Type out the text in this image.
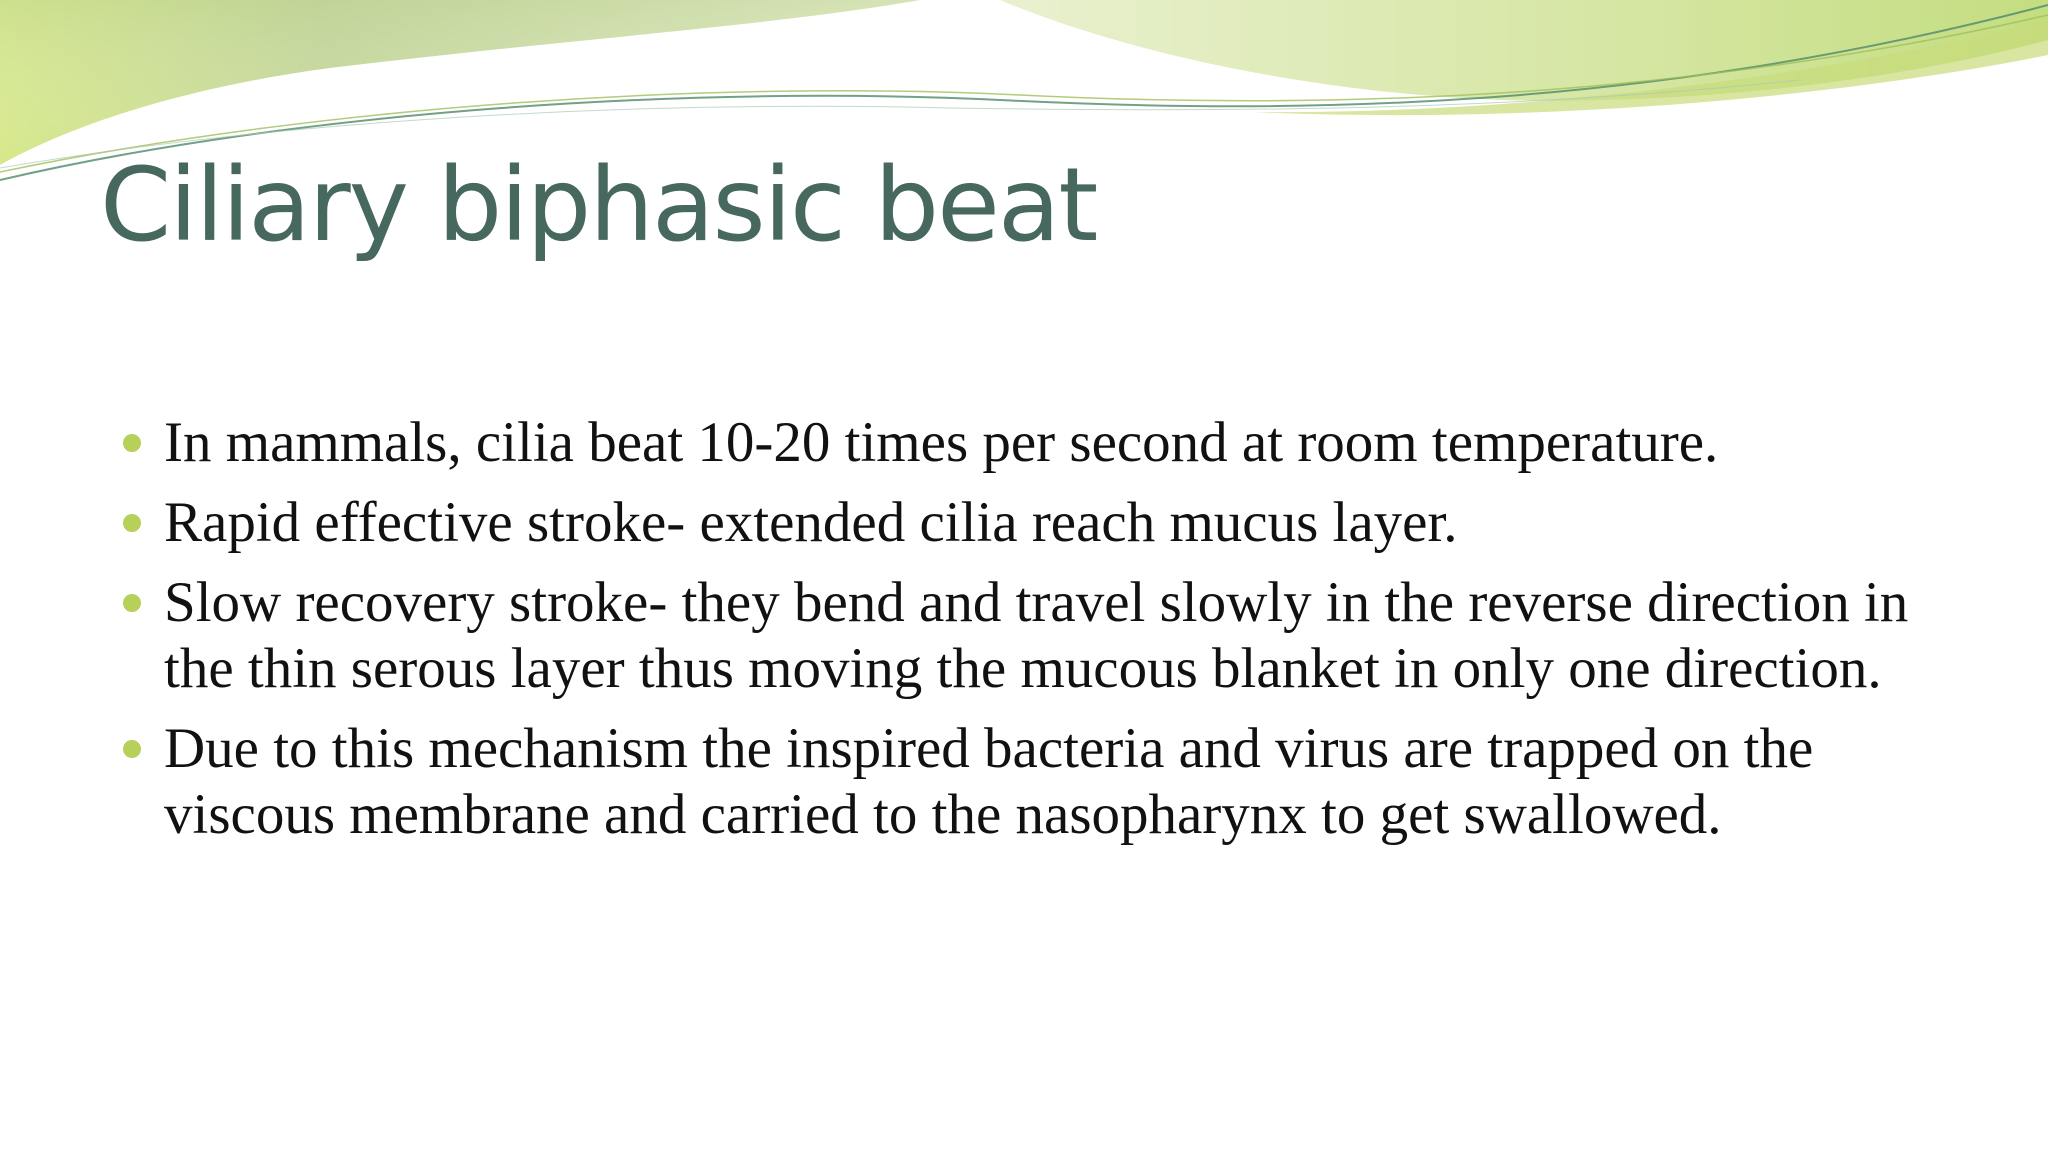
Ciliary biphasic beat
In mammals, cilia beat 10-20 times per second at room temperature.
Rapid effective stroke- extended cilia reach mucus layer.
Slow recovery stroke- they bend and travel slowly in the reverse direction in the thin serous layer thus moving the mucous blanket in only one direction.
Due to this mechanism the inspired bacteria and virus are trapped on the viscous membrane and carried to the nasopharynx to get swallowed.
